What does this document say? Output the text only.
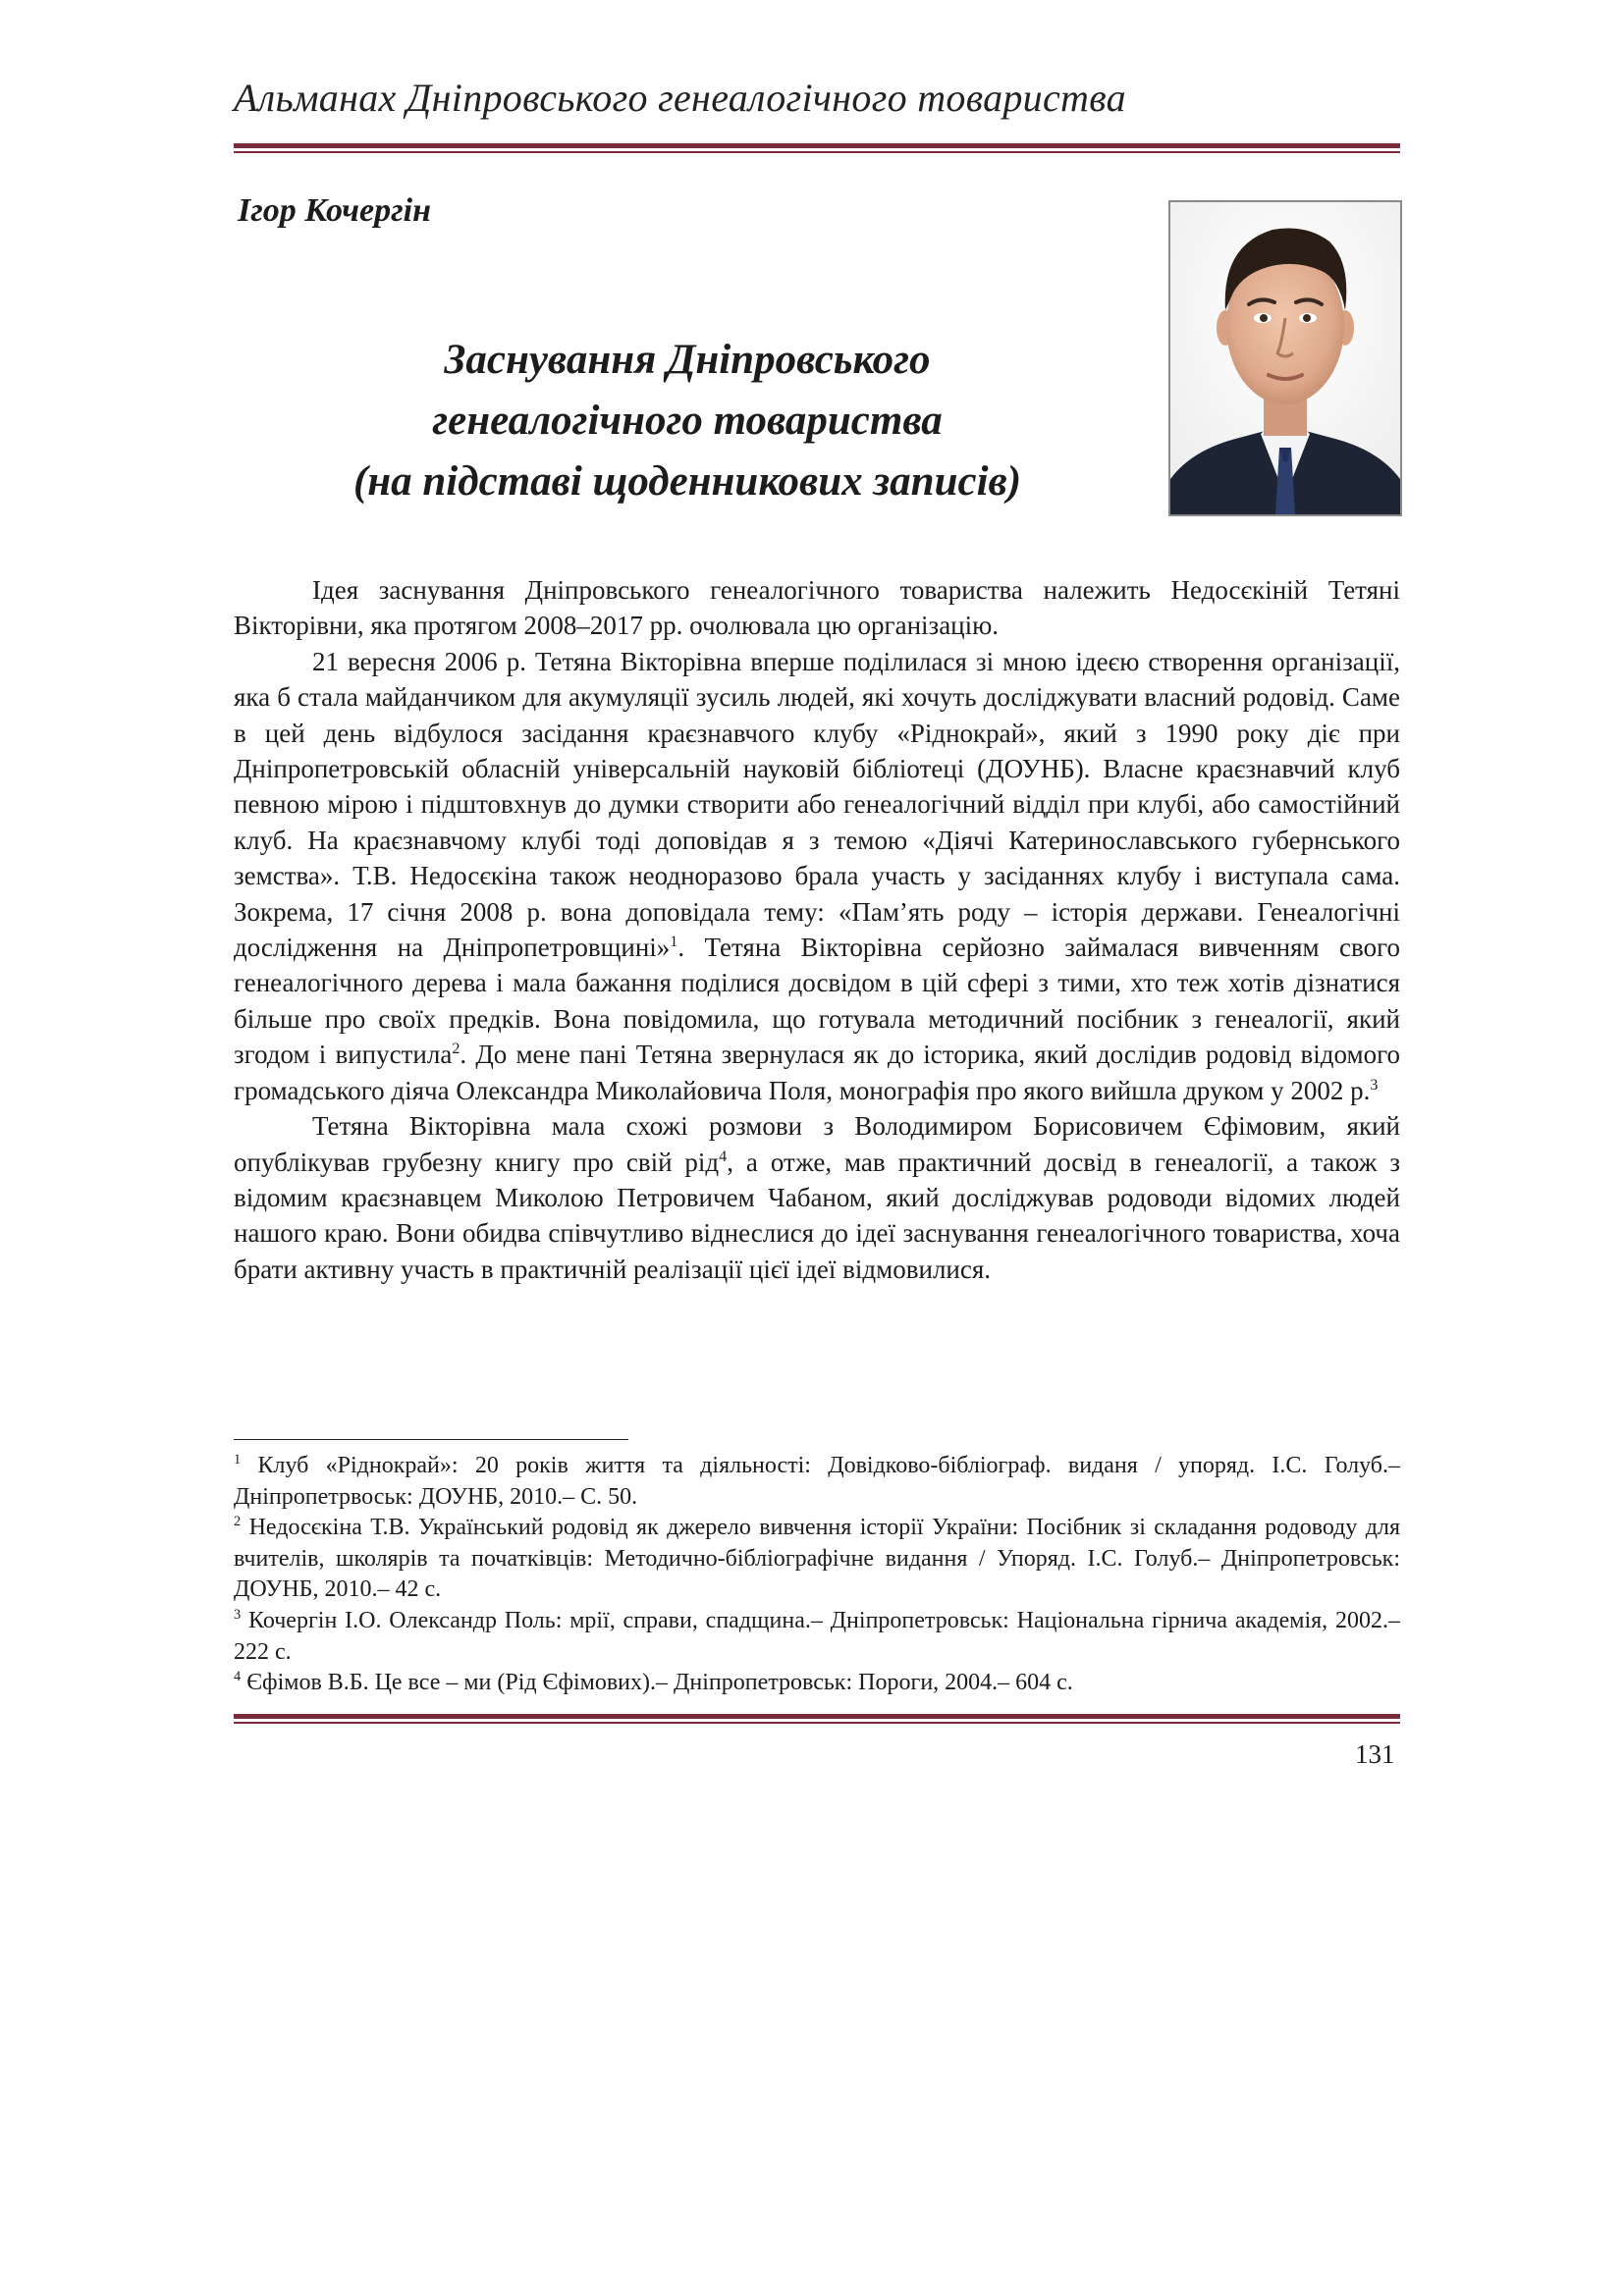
Альманах Дніпровського генеалогічного товариства
Ігор Кочергін
Заснування Дніпровського
генеалогічного товариства
(на підставі щоденникових записів)

Ідея заснування Дніпровського генеалогічного товариства належить Недосєкіній Тетяні Вікторівни, яка протягом 2008–2017 рр. очолювала цю організацію.

21 вересня 2006 р. Тетяна Вікторівна вперше поділилася зі мною ідеєю створення організації, яка б стала майданчиком для акумуляції зусиль людей, які хочуть досліджувати власний родовід. Саме в цей день відбулося засідання краєзнавчого клубу «Ріднокрай», який з 1990 року діє при Дніпропетровській обласній універсальній науковій бібліотеці (ДОУНБ). Власне краєзнавчий клуб певною мірою і підштовхнув до думки створити або генеалогічний відділ при клубі, або самостійний клуб. На краєзнавчому клубі тоді доповідав я з темою «Діячі Катеринославського губернського земства». Т.В. Недосєкіна також неодноразово брала участь у засіданнях клубу і виступала сама. Зокрема, 17 січня 2008 р. вона доповідала тему: «Пам’ять роду – історія держави. Генеалогічні дослідження на Дніпропетровщині»$^1$. Тетяна Вікторівна серйозно займалася вивченням свого генеалогічного дерева і мала бажання поділися досвідом в цій сфері з тими, хто теж хотів дізнатися більше про своїх предків. Вона повідомила, що готувала методичний посібник з генеалогії, який згодом і випустила$^2$. До мене пані Тетяна звернулася як до історика, який дослідив родовід відомого громадського діяча Олександра Миколайовича Поля, монографія про якого вийшла друком у 2002 р.$^3$

Тетяна Вікторівна мала схожі розмови з Володимиром Борисовичем Єфімовим, який опублікував грубезну книгу про свій рід$^4$, а отже, мав практичний досвід в генеалогії, а також з відомим краєзнавцем Миколою Петровичем Чабаном, який досліджував родоводи відомих людей нашого краю. Вони обидва співчутливо віднеслися до ідеї заснування генеалогічного товариства, хоча брати активну участь в практичній реалізації цієї ідеї відмовилися.

$^1$ Клуб «Ріднокрай»: 20 років життя та діяльності: Довідково-бібліограф. виданя / упоряд. І.С. Голуб.– Дніпропетрвоськ: ДОУНБ, 2010.– С. 50.

$^2$ Недосєкіна Т.В. Український родовід як джерело вивчення історії України: Посібник зі складання родоводу для вчителів, школярів та початківців: Методично-бібліографічне видання / Упоряд. І.С. Голуб.– Дніпропетровськ: ДОУНБ, 2010.– 42 с.

$^3$ Кочергін І.О. Олександр Поль: мрії, справи, спадщина.– Дніпропетровськ: Національна гірнича академія, 2002.– 222 с.

$^4$ Єфімов В.Б. Це все – ми (Рід Єфімових).– Дніпропетровськ: Пороги, 2004.– 604 с.

131
